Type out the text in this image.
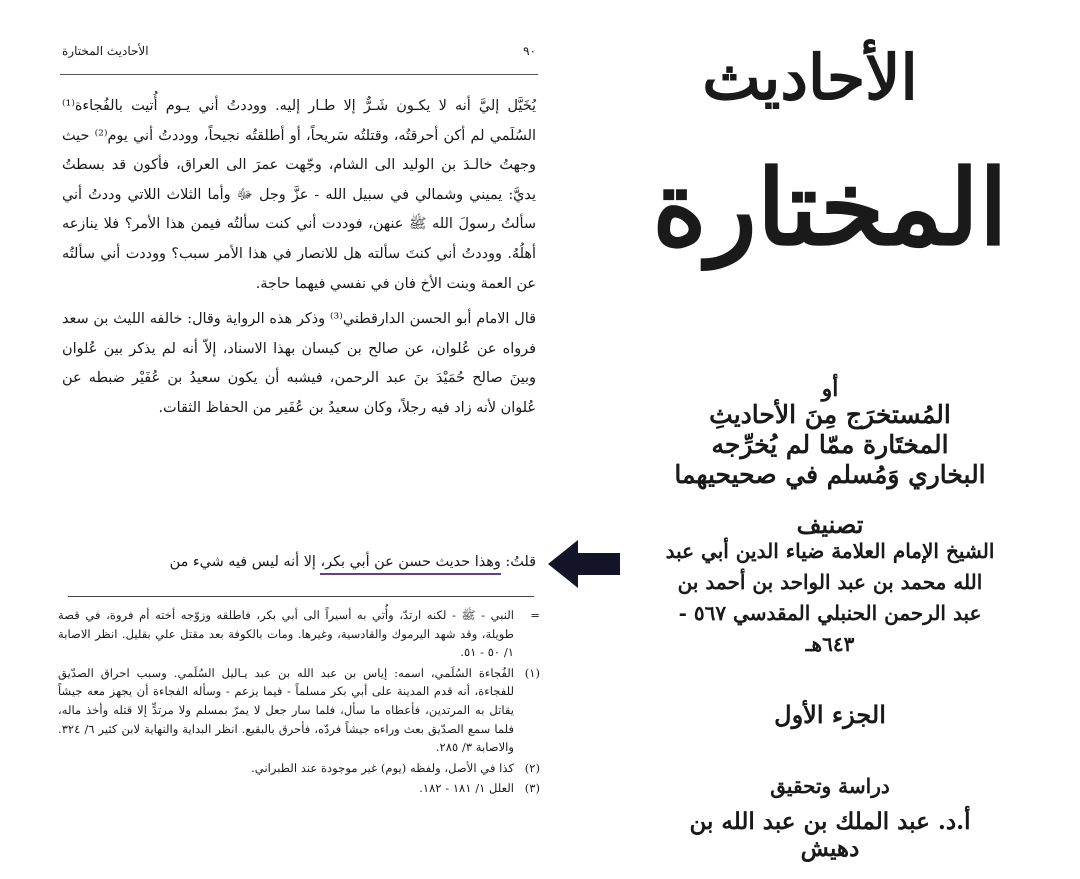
٩٠
الأحاديث المختارة

يُخَيَّل إليَّ أنه لا يكـون شَـرٌّ إلا طـار إليه. ووددتُ أني يـوم أُتيت بالفُجاءة⁽¹⁾ السُلَمي لم أكن أحرقتُه، وقتلتُه سَريحاً، أو أطلقتُه نجيحاً، ووددتُ أني يوم⁽²⁾ حيث وجهتُ خالـدَ بن الوليد الى الشام، وجّهت عمرَ الى العراق، فأكون قد بسطتُ يديَّ: يميني وشمالي في سبيل الله - عزَّ وجل ﷻ وأما الثلاث اللاتي وددتُ أني سألتُ رسولَ الله ﷺ عنهن، فوددت أني كنت سألتُه فيمن هذا الأمر؟ فلا ينازعه أهلُهُ. ووددتُ أني كنتَ سألته هل للانصار في هذا الأمر سبب؟ ووددت أني سألتُه عن العمة وبنت الأخ فان في نفسي فيهما حاجة.

قال الامام أبو الحسن الدارقطني⁽³⁾ وذكر هذه الرواية وقال: خالفه الليث بن سعد فرواه عن عُلوان، عن صالح بن كيسان بهذا الاسناد، إلاّ أنه لم يذكر بين عُلوان وبينَ صالح حُمَيْدَ بنَ عبد الرحمن، فيشبه أن يكون سعيدُ بن عُفَيْر ضبطه عن عُلوان لأنه زاد فيه رجلاً، وكان سعيدُ بن عُفَير من الحفاظ الثقات.

قلتُ: وهذا حديث حسن عن أبي بكر، إلا أنه ليس فيه شيء من
=
النبي - ﷺ - لكنه ارتدّ، وأُتي به أسيراً الى أبي بكر، فاطلقه وزوّجه أخته أم فروة، في قصة طويلة، وقد شهد اليرموك والقادسية، وغيرها. ومات بالكوفة بعد مقتل علي بقليل. انظر الاصابة ١/ ٥٠ - ٥١.
(١)
الفُجاءة السُلَمي، اسمه: إياس بن عبد الله بن عبد يـاليل السُلَمي. وسبب احراق الصدّيق للفجاءة، أنه قدم المدينة على أبي بكر مسلماً - فيما يزعم - وسأله الفجاءة أن يجهز معه جيشاً يقاتل به المرتدين، فأعطاه ما سأل، فلما سار جعل لا يمرّ بمسلم ولا مرتدٍّ إلا قتله وأخذ ماله، فلما سمع الصدّيق بعث وراءه جيشاً فردّه، فأحرق بالبقيع. انظر البداية والنهاية لابن كثير ٦/ ٣٢٤. والاصابة ٣/ ٢٨٥.
(٢)
كذا في الأصل، ولفظه (يوم) غير موجودة عند الطبراني.
(٣)
العلل ١/ ١٨١ - ١٨٢.
الأحاديث
المختارة
أو
المُستخرَج مِنَ الأحاديثِ المختَارة ممّا لم يُخرِّجه البخاري وَمُسلم في صحيحيهما
تصنيف
الشيخ الإمام العلامة ضياء الدين أبي عبد الله محمد بن عبد الواحد بن أحمد بن عبد الرحمن الحنبلي المقدسي ٥٦٧ - ٦٤٣هـ
الجزء الأول
دراسة وتحقيق
أ.د. عبد الملك بن عبد الله بن دهيش
